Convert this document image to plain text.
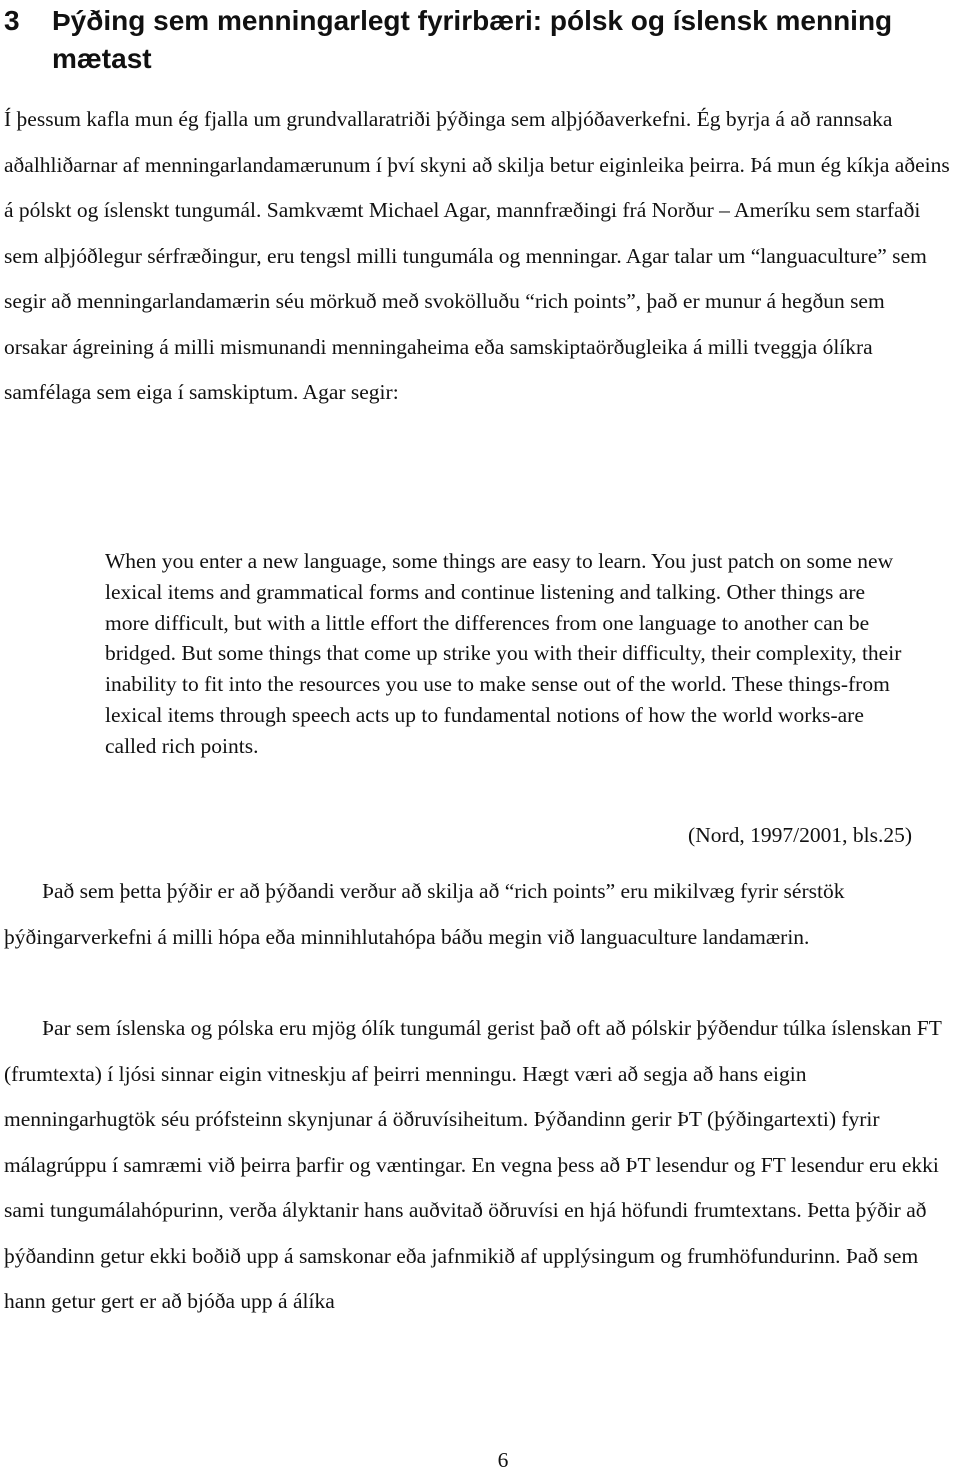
3	Þýðing sem menningarlegt fyrirbæri: pólsk og íslensk menning mætast

Í þessum kafla mun ég fjalla um grundvallaratriði þýðinga sem alþjóðaverkefni. Ég byrja á að rannsaka aðalhliðarnar af menningarlandamærunum í því skyni að skilja betur eiginleika þeirra. Þá mun ég kíkja aðeins á pólskt og íslenskt tungumál. Samkvæmt Michael Agar, mannfræðingi frá Norður – Ameríku sem starfaði sem alþjóðlegur sérfræðingur, eru tengsl milli tungumála og menningar. Agar talar um “languaculture” sem segir að menningarlandamærin séu mörkuð með svokölluðu “rich points”, það er munur á hegðun sem orsakar ágreining á milli mismunandi menningaheima eða samskiptaörðugleika á milli tveggja ólíkra samfélaga sem eiga í samskiptum. Agar segir:

When you enter a new language, some things are easy to learn. You just patch on some new lexical items and grammatical forms and continue listening and talking. Other things are more difficult, but with a little effort the differences from one language to another can be bridged. But some things that come up strike you with their difficulty, their complexity, their inability to fit into the resources you use to make sense out of the world. These things-from lexical items through speech acts up to fundamental notions of how the world works-are called rich points.

(Nord, 1997/2001, bls.25)

Það sem þetta þýðir er að þýðandi verður að skilja að “rich points” eru mikilvæg fyrir sérstök þýðingarverkefni á milli hópa eða minnihlutahópa báðu megin við languaculture landamærin.

Þar sem íslenska og pólska eru mjög ólík tungumál gerist það oft að pólskir þýðendur túlka íslenskan FT (frumtexta) í ljósi sinnar eigin vitneskju af þeirri menningu. Hægt væri að segja að hans eigin menningarhugtök séu prófsteinn skynjunar á öðruvísiheitum. Þýðandinn gerir ÞT (þýðingartexti) fyrir málagrúppu í samræmi við þeirra þarfir og væntingar. En vegna þess að ÞT lesendur og FT lesendur eru ekki sami tungumálahópurinn, verða ályktanir hans auðvitað öðruvísi en hjá höfundi frumtextans. Þetta þýðir að þýðandinn getur ekki boðið upp á samskonar eða jafnmikið af upplýsingum og frumhöfundurinn. Það sem hann getur gert er að bjóða upp á álíka

6
